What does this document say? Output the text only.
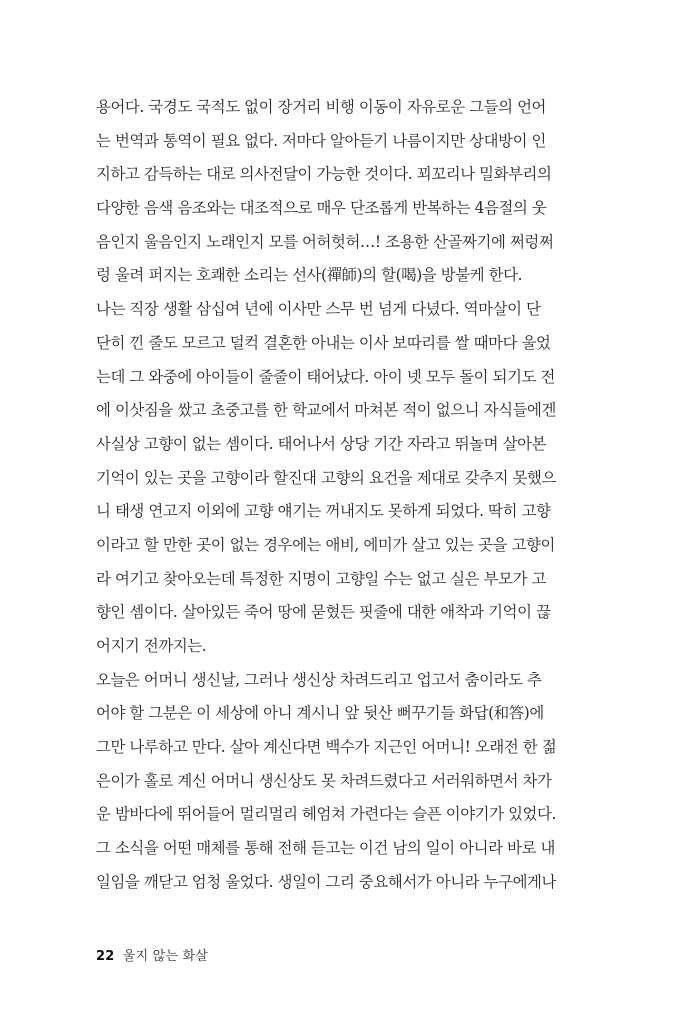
용어다. 국경도 국적도 없이 장거리 비행 이동이 자유로운 그들의 언어
는 번역과 통역이 필요 없다. 저마다 알아듣기 나름이지만 상대방이 인
지하고 감득하는 대로 의사전달이 가능한 것이다. 꾀꼬리나 밀화부리의
다양한 음색 음조와는 대조적으로 매우 단조롭게 반복하는 4음절의 웃
음인지 울음인지 노래인지 모를 어허헛허…! 조용한 산골짜기에 쩌렁쩌
렁 울려 퍼지는 호쾌한 소리는 선사(禪師)의 할(喝)을 방불케 한다.
나는 직장 생활 삼십여 년에 이사만 스무 번 넘게 다녔다. 역마살이 단
단히 낀 줄도 모르고 덜컥 결혼한 아내는 이사 보따리를 쌀 때마다 울었
는데 그 와중에 아이들이 줄줄이 태어났다. 아이 넷 모두 돌이 되기도 전
에 이삿짐을 쌌고 초중고를 한 학교에서 마쳐본 적이 없으니 자식들에겐
사실상 고향이 없는 셈이다. 태어나서 상당 기간 자라고 뛰놀며 살아본
기억이 있는 곳을 고향이라 할진대 고향의 요건을 제대로 갖추지 못했으
니 태생 연고지 이외에 고향 얘기는 꺼내지도 못하게 되었다. 딱히 고향
이라고 할 만한 곳이 없는 경우에는 애비, 에미가 살고 있는 곳을 고향이
라 여기고 찾아오는데 특정한 지명이 고향일 수는 없고 실은 부모가 고
향인 셈이다. 살아있든 죽어 땅에 묻혔든 핏줄에 대한 애착과 기억이 끊
어지기 전까지는.
오늘은 어머니 생신날, 그러나 생신상 차려드리고 업고서 춤이라도 추
어야 할 그분은 이 세상에 아니 계시니 앞 뒷산 뻐꾸기들 화답(和答)에
그만 나루하고 만다. 살아 계신다면 백수가 지근인 어머니! 오래전 한 젊
은이가 홀로 계신 어머니 생신상도 못 차려드렸다고 서러워하면서 차가
운 밤바다에 뛰어들어 멀리멀리 헤엄쳐 가련다는 슬픈 이야기가 있었다.
그 소식을 어떤 매체를 통해 전해 듣고는 이건 남의 일이 아니라 바로 내
일임을 깨닫고 엄청 울었다. 생일이 그리 중요해서가 아니라 누구에게나
22 울지 않는 화살
